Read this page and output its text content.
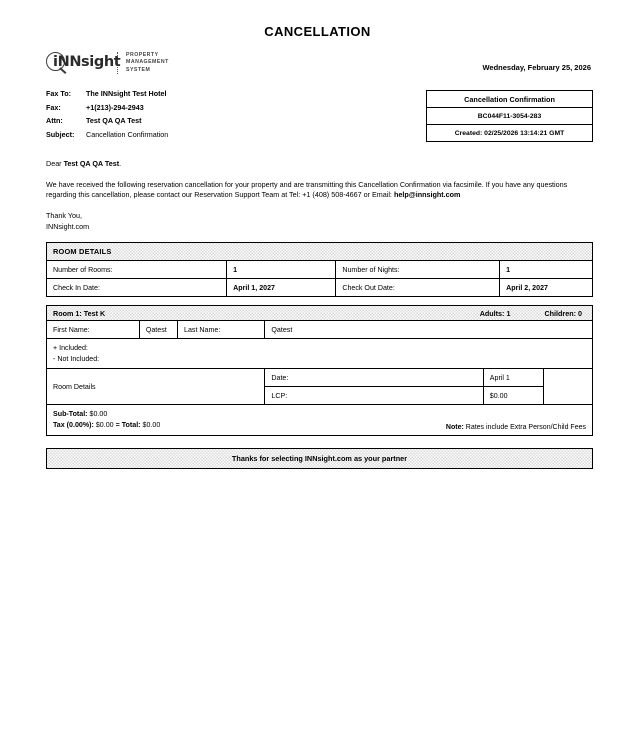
CANCELLATION
iNNsight PROPERTY
MANAGEMENT
SYSTEM	Wednesday, February 25, 2026
Fax To:	The INNsight Test Hotel
Fax:	+1(213)-294-2943
Attn:	Test QA QA Test
Subject:	Cancellation Confirmation
Cancellation Confirmation
BC044F11-3054-283
Created: 02/25/2026 13:14:21 GMT
Dear Test QA QA Test.
We have received the following reservation cancellation for your property and are transmitting this Cancellation Confirmation via facsimile. If you have any questions regarding this cancellation, please contact our Reservation Support Team at Tel: +1 (408) 508-4667 or Email: help@innsight.com
Thank You,
INNsight.com
ROOM DETAILS			
Number of Rooms:	1	Number of Nights:	1
Check In Date:	April 1, 2027	Check Out Date:	April 2, 2027
Room 1: Test K Adults: 1 Children: 0					

First Name:	Qatest	Last Name:	Qatest		

+ Included:
- Not Included:					

Room Details			Date:	April 1	
			LCP:	$0.00	

Sub-Total: $0.00
Tax (0.00%): $0.00 = Total: $0.00 Note: Rates include Extra Person/Child Fees					
Thanks for selecting INNsight.com as your partner
